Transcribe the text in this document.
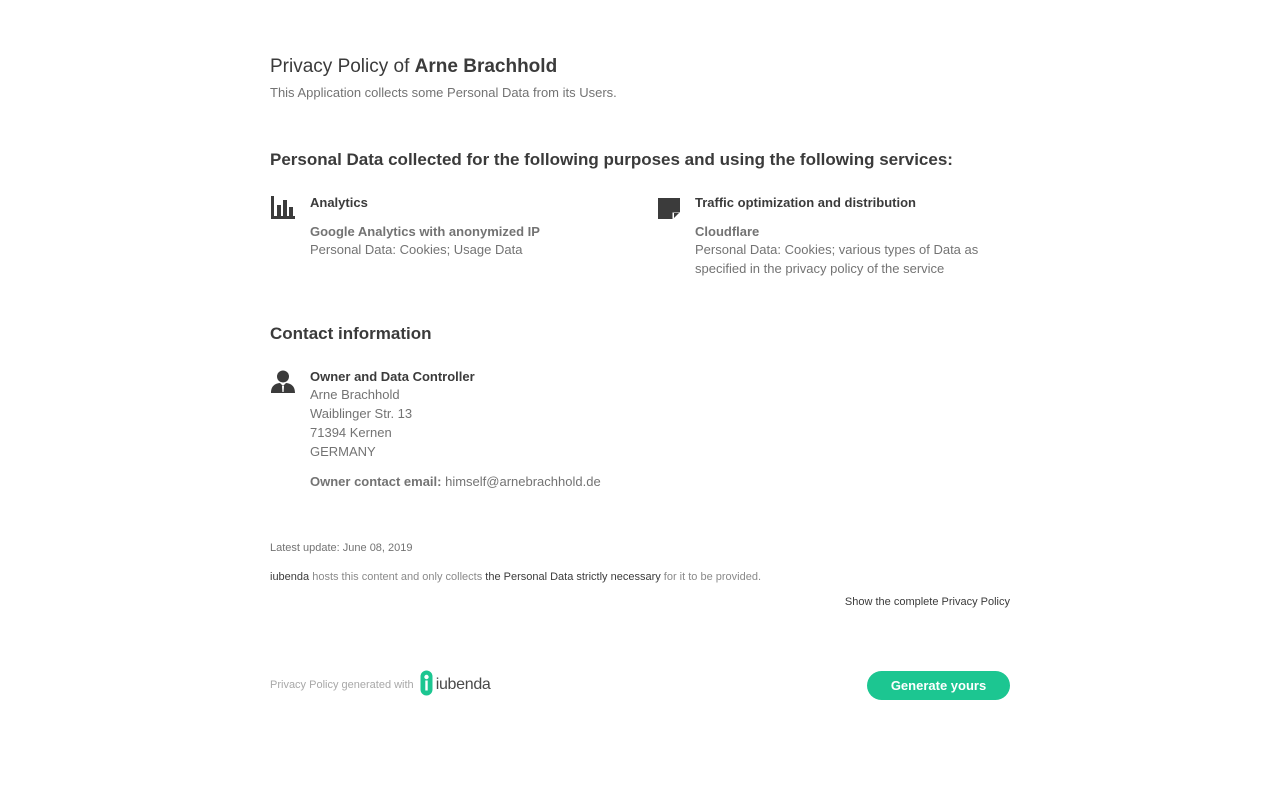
Privacy Policy of Arne Brachhold

This Application collects some Personal Data from its Users.

Personal Data collected for the following purposes and using the following services:
Analytics
Google Analytics with anonymized IP

Personal Data: Cookies; Usage Data

Traffic optimization and distribution
Cloudflare

Personal Data: Cookies; various types of Data as specified in the privacy policy of the service

Contact information
Owner and Data Controller

Arne Brachhold

Waiblinger Str. 13

71394 Kernen

GERMANY

Owner contact email: himself@arnebrachhold.de

Latest update: June 08, 2019

iubenda hosts this content and only collects the Personal Data strictly necessary for it to be provided.

Show the complete Privacy Policy
Privacy Policy generated with iubenda	Generate yours
